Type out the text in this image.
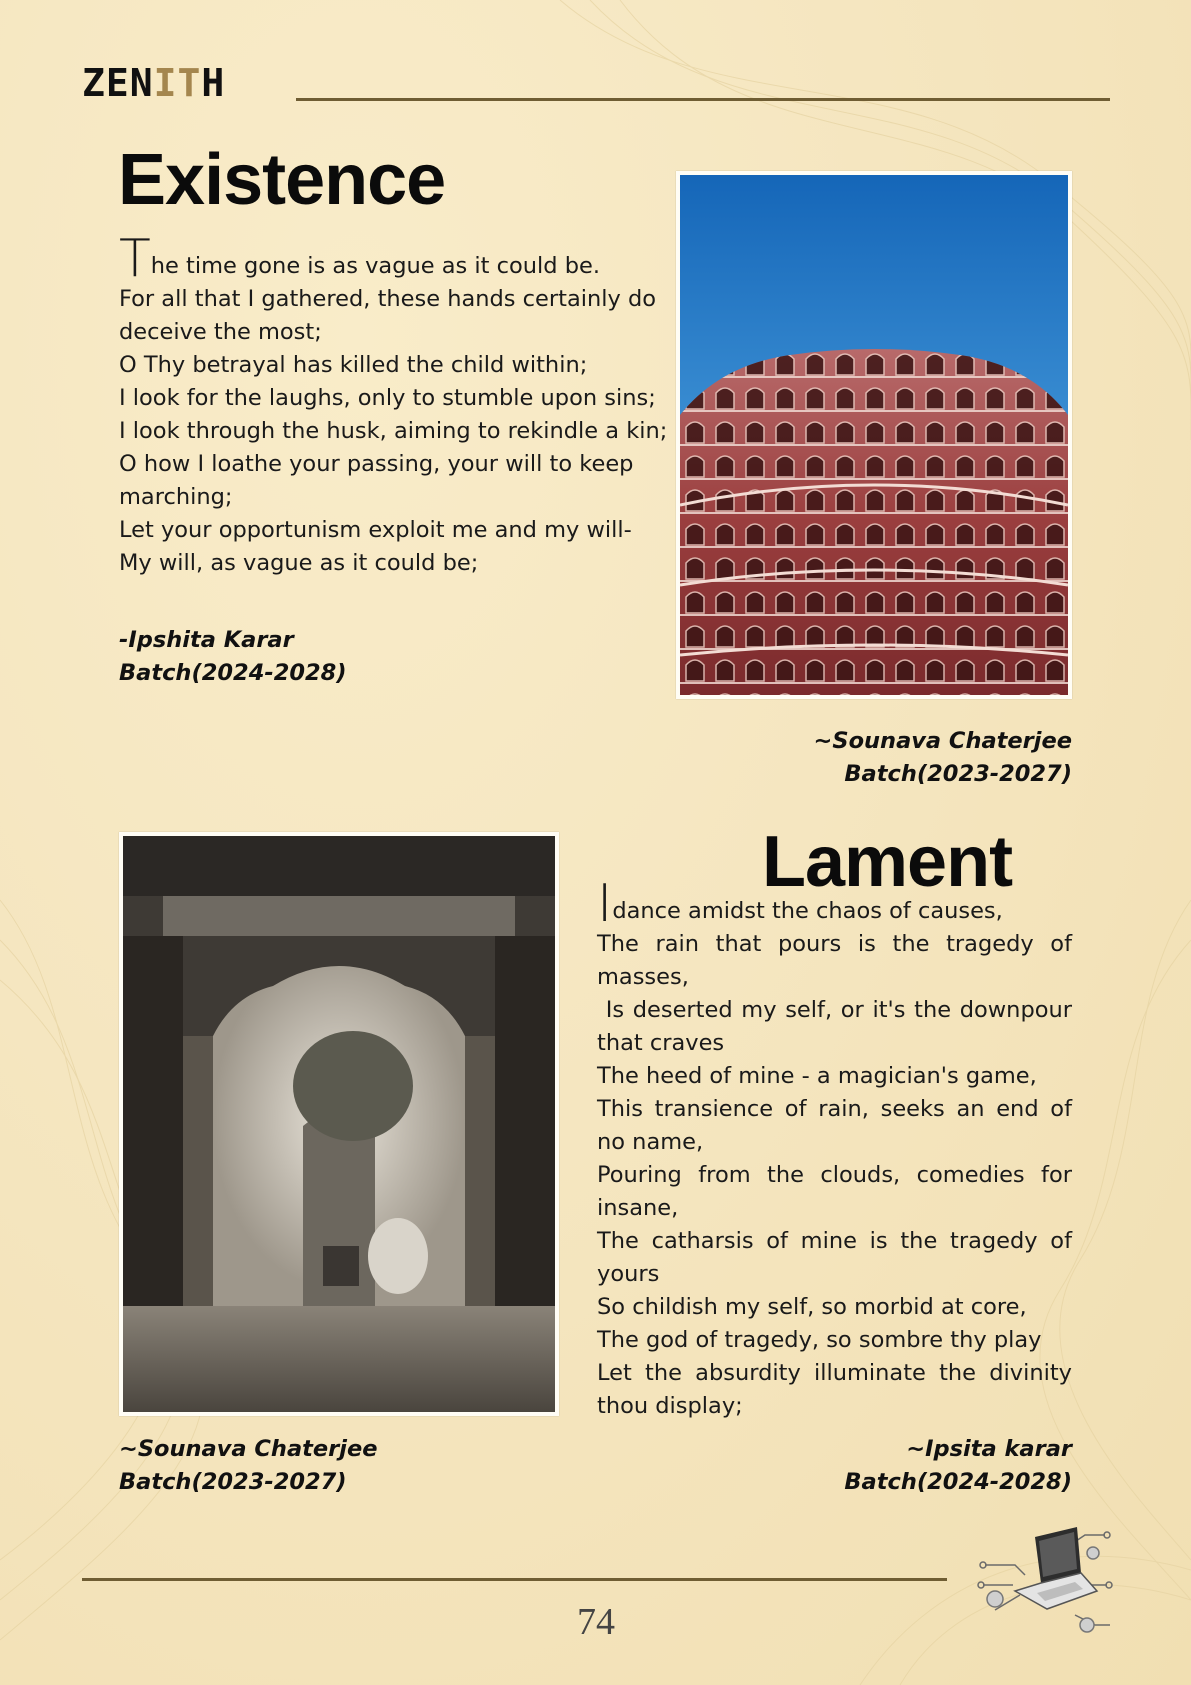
ZEN IT H
Existence
The time gone is as vague as it could be.
For all that I gathered, these hands certainly do deceive the most;
O Thy betrayal has killed the child within;
I look for the laughs, only to stumble upon sins;
I look through the husk, aiming to rekindle a kin;
O how I loathe your passing, your will to keep marching;
Let your opportunism exploit me and my will-
My will, as vague as it could be;
-Ipshita Karar
Batch(2024-2028)
~Sounava Chaterjee
Batch(2023-2027)
Lament
Idance amidst the chaos of causes,
The rain that pours is the tragedy of masses,
Is deserted my self, or it's the downpour that craves
The heed of mine - a magician's game,
This transience of rain, seeks an end of no name,
Pouring from the clouds, comedies for insane,
The catharsis of mine is the tragedy of yours
So childish my self, so morbid at core,
The god of tragedy, so sombre thy play
Let the absurdity illuminate the divinity thou display;
~Sounava Chaterjee
Batch(2023-2027)
~Ipsita karar
Batch(2024-2028)
74
